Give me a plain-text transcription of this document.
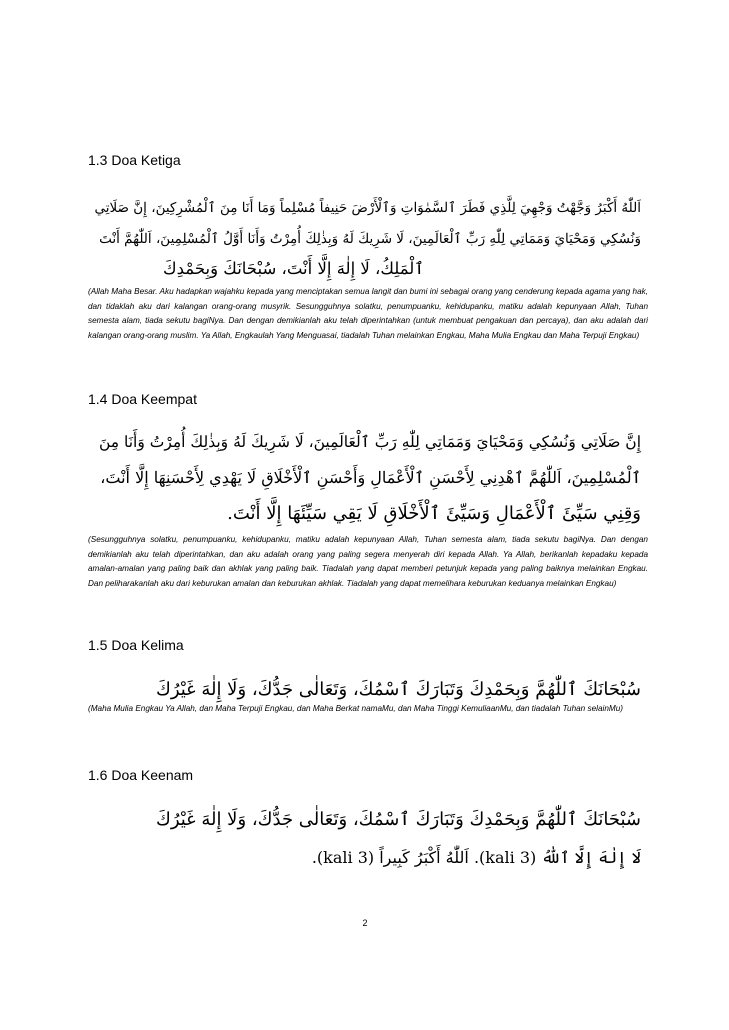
1.3 Doa Ketiga
اَللّٰهُ أَكْبَرُ وَجَّهْتُ وَجْهِيَ لِلَّذِي فَطَرَ ٱلسَّمٰوَاتِ وَٱلْأَرْضَ حَنِيفاً مُسْلِماً وَمَا أَنَا مِنَ ٱلْمُشْرِكِينَ، إِنَّ صَلَاتِي
وَنُسُكِي وَمَحْيَايَ وَمَمَاتِي لِلّٰهِ رَبِّ ٱلْعَالَمِينَ، لَا شَرِيكَ لَهُ وَبِذٰلِكَ أُمِرْتُ وَأَنَا أَوَّلُ ٱلْمُسْلِمِينَ، اَللّٰهُمَّ أَنْتَ
ٱلْمَلِكُ، لَا إِلٰهَ إِلَّا أَنْتَ، سُبْحَانَكَ وَبِحَمْدِكَ

(Allah Maha Besar. Aku hadapkan wajahku kepada yang menciptakan semua langit dan bumi ini sebagai orang yang cenderung kepada agama yang hak, dan tidaklah aku dari kalangan orang-orang musyrik. Sesungguhnya solatku, penumpuanku, kehidupanku, matiku adalah kepunyaan Allah, Tuhan semesta alam, tiada sekutu bagiNya. Dan dengan demikianlah aku telah diperintahkan (untuk membuat pengakuan dan percaya), dan aku adalah dari kalangan orang-orang muslim. Ya Allah, Engkaulah Yang Menguasai, tiadalah Tuhan melainkan Engkau, Maha Mulia Engkau dan Maha Terpuji Engkau)

1.4 Doa Keempat
إِنَّ صَلَاتِي وَنُسُكِي وَمَحْيَايَ وَمَمَاتِي لِلّٰهِ رَبِّ ٱلْعَالَمِينَ، لَا شَرِيكَ لَهُ وَبِذٰلِكَ أُمِرْتُ وَأَنَا مِنَ
ٱلْمُسْلِمِينَ، اَللّٰهُمَّ ٱهْدِنِي لِأَحْسَنِ ٱلْأَعْمَالِ وَأَحْسَنِ ٱلْأَخْلَاقِ لَا يَهْدِي لِأَحْسَنِهَا إِلَّا أَنْتَ،
وَقِنِي سَيِّئَ ٱلْأَعْمَالِ وَسَيِّئَ ٱلْأَخْلَاقِ لَا يَقِي سَيِّئَهَا إِلَّا أَنْتَ.

(Sesungguhnya solatku, penumpuanku, kehidupanku, matiku adalah kepunyaan Allah, Tuhan semesta alam, tiada sekutu bagiNya. Dan dengan demikianlah aku telah diperintahkan, dan aku adalah orang yang paling segera menyerah diri kepada Allah. Ya Allah, berikanlah kepadaku kepada amalan-amalan yang paling baik dan akhlak yang paling baik. Tiadalah yang dapat memberi petunjuk kepada yang paling baiknya melainkan Engkau. Dan peliharakanlah aku dari keburukan amalan dan keburukan akhlak. Tiadalah yang dapat memelihara keburukan keduanya melainkan Engkau)

1.5 Doa Kelima
سُبْحَانَكَ ٱللّٰهُمَّ وَبِحَمْدِكَ وَتَبَارَكَ ٱسْمُكَ، وَتَعَالٰى جَدُّكَ، وَلَا إِلٰهَ غَيْرُكَ

(Maha Mulia Engkau Ya Allah, dan Maha Terpuji Engkau, dan Maha Berkat namaMu, dan Maha Tinggi KemuliaanMu, dan tiadalah Tuhan selainMu)

1.6 Doa Keenam
سُبْحَانَكَ ٱللّٰهُمَّ وَبِحَمْدِكَ وَتَبَارَكَ ٱسْمُكَ، وَتَعَالٰى جَدُّكَ، وَلَا إِلٰهَ غَيْرُكَ
لَا إِلٰهَ إِلَّا ٱللّٰهُ (3 kali). اَللّٰهُ أَكْبَرُ كَبِيراً (3 kali).
2
